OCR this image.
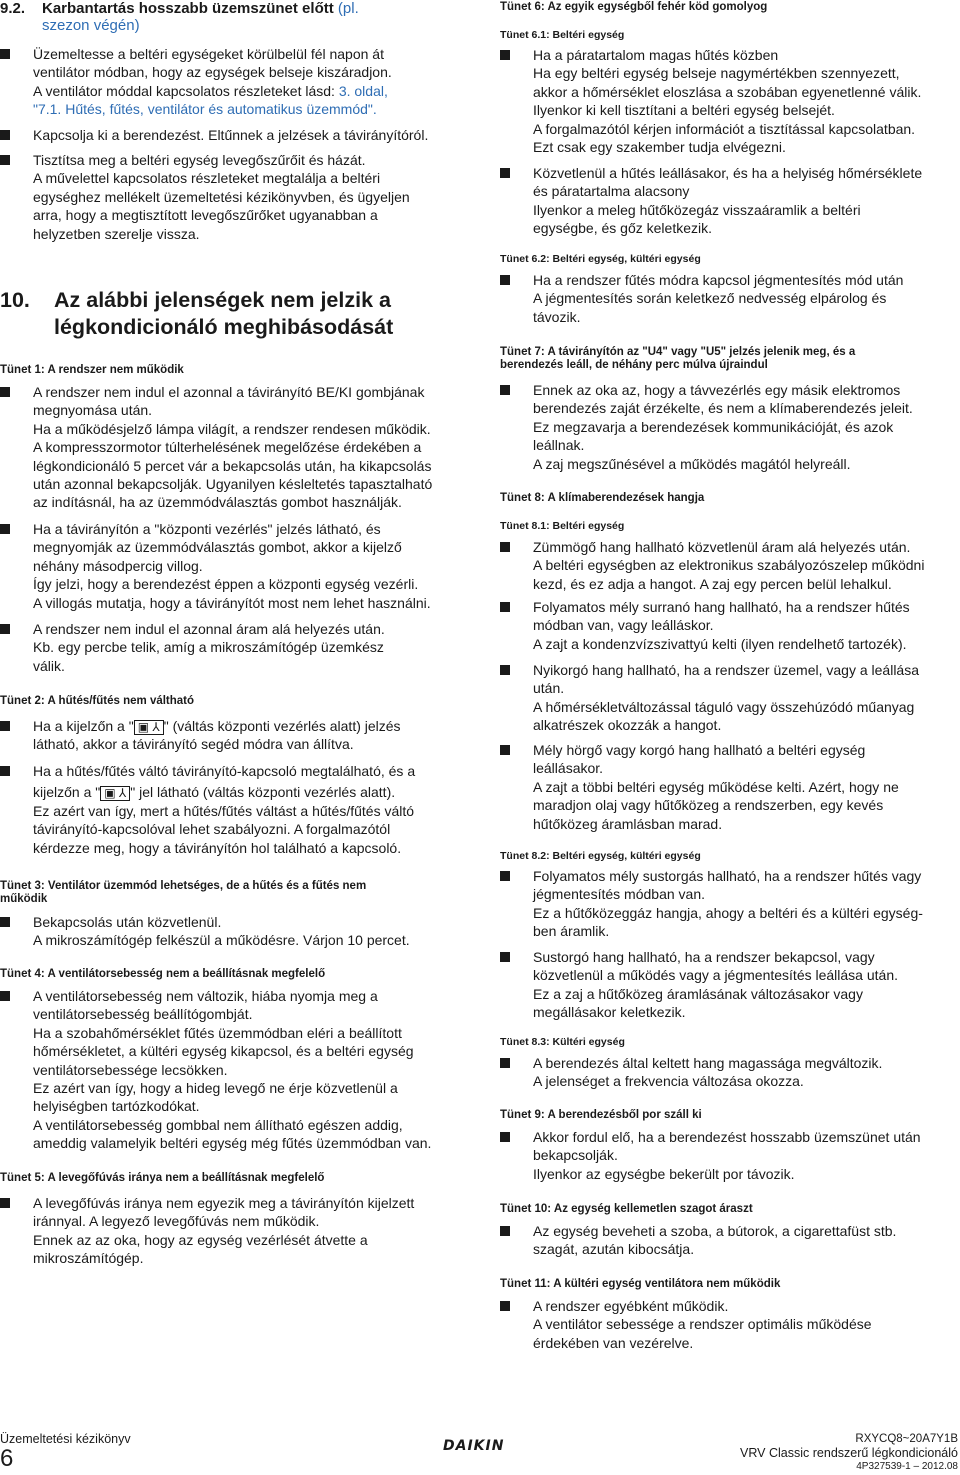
9.2. Karbantartás hosszabb üzemszünet előtt (pl.
szezon végén)

Üzemeltesse a beltéri egységeket körülbelül fél napon át

ventilátor módban, hogy az egységek belseje kiszáradjon.

A ventilátor móddal kapcsolatos részleteket lásd: 3. oldal,

"7.1. Hűtés, fűtés, ventilátor és automatikus üzemmód".

Kapcsolja ki a berendezést. Eltűnnek a jelzések a távirányítóról.

Tisztítsa meg a beltéri egység levegőszűrőit és házát.

A művelettel kapcsolatos részleteket megtalálja a beltéri

egységhez mellékelt üzemeltetési kézikönyvben, és ügyeljen

arra, hogy a megtisztított levegőszűrőket ugyanabban a

helyzetben szerelje vissza.

10. Az alábbi jelenségek nem jelzik a
légkondicionáló meghibásodását
Tünet 1: A rendszer nem működik

A rendszer nem indul el azonnal a távirányító BE/KI gombjának

megnyomása után.

Ha a működésjelző lámpa világít, a rendszer rendesen működik.

A kompresszormotor túlterhelésének megelőzése érdekében a

légkondicionáló 5 percet vár a bekapcsolás után, ha kikapcsolás

után azonnal bekapcsolják. Ugyanilyen késleltetés tapasztalható

az indításnál, ha az üzemmódválasztás gombot használják.

Ha a távirányítón a "központi vezérlés" jelzés látható, és

megnyomják az üzemmódválasztás gombot, akkor a kijelző

néhány másodpercig villog.

Így jelzi, hogy a berendezést éppen a központi egység vezérli.

A villogás mutatja, hogy a távirányítót most nem lehet használni.

A rendszer nem indul el azonnal áram alá helyezés után.

Kb. egy percbe telik, amíg a mikroszámítógép üzemkész

válik.

Tünet 2: A hűtés/fűtés nem váltható

Ha a kijelzőn a " ▣ ⅄ " (váltás központi vezérlés alatt) jelzés

látható, akkor a távirányító segéd módra van állítva.

Ha a hűtés/fűtés váltó távirányító-kapcsoló megtalálható, és a

kijelzőn a " ▣ ⅄ " jel látható (váltás központi vezérlés alatt).

Ez azért van így, mert a hűtés/fűtés váltást a hűtés/fűtés váltó

távirányító-kapcsolóval lehet szabályozni. A forgalmazótól

kérdezze meg, hogy a távirányítón hol található a kapcsoló.

Tünet 3: Ventilátor üzemmód lehetséges, de a hűtés és a fűtés nem
működik

Bekapcsolás után közvetlenül.

A mikroszámítógép felkészül a működésre. Várjon 10 percet.

Tünet 4: A ventilátorsebesség nem a beállításnak megfelelő

A ventilátorsebesség nem változik, hiába nyomja meg a

ventilátorsebesség beállítógombját.

Ha a szobahőmérséklet fűtés üzemmódban eléri a beállított

hőmérsékletet, a kültéri egység kikapcsol, és a beltéri egység

ventilátorsebessége lecsökken.

Ez azért van így, hogy a hideg levegő ne érje közvetlenül a

helyiségben tartózkodókat.

A ventilátorsebesség gombbal nem állítható egészen addig,

ameddig valamelyik beltéri egység még fűtés üzemmódban van.

Tünet 5: A levegőfúvás iránya nem a beállításnak megfelelő

A levegőfúvás iránya nem egyezik meg a távirányítón kijelzett

iránnyal. A legyező levegőfúvás nem működik.

Ennek az az oka, hogy az egység vezérlését átvette a

mikroszámítógép.

Tünet 6: Az egyik egységből fehér köd gomolyog
Tünet 6.1: Beltéri egység

Ha a páratartalom magas hűtés közben

Ha egy beltéri egység belseje nagymértékben szennyezett,

akkor a hőmérséklet eloszlása a szobában egyenetlenné válik.

Ilyenkor ki kell tisztítani a beltéri egység belsejét.

A forgalmazótól kérjen információt a tisztítással kapcsolatban.

Ezt csak egy szakember tudja elvégezni.

Közvetlenül a hűtés leállásakor, és ha a helyiség hőmérséklete

és páratartalma alacsony

Ilyenkor a meleg hűtőközegáz visszaáramlik a beltéri

egységbe, és gőz keletkezik.

Tünet 6.2: Beltéri egység, kültéri egység

Ha a rendszer fűtés módra kapcsol jégmentesítés mód után

A jégmentesítés során keletkező nedvesség elpárolog és

távozik.

Tünet 7: A távirányítón az "U4" vagy "U5" jelzés jelenik meg, és a
berendezés leáll, de néhány perc múlva újraindul

Ennek az oka az, hogy a távvezérlés egy másik elektromos

berendezés zaját érzékelte, és nem a klímaberendezés jeleit.

Ez megzavarja a berendezések kommunikációját, és azok

leállnak.

A zaj megszűnésével a működés magától helyreáll.

Tünet 8: A klímaberendezések hangja
Tünet 8.1: Beltéri egység

Zümmögő hang hallható közvetlenül áram alá helyezés után.

A beltéri egységben az elektronikus szabályozószelep működni

kezd, és ez adja a hangot. A zaj egy percen belül lehalkul.

Folyamatos mély surranó hang hallható, ha a rendszer hűtés

módban van, vagy leálláskor.

A zajt a kondenzvízszivattyú kelti (ilyen rendelhető tartozék).

Nyikorgó hang hallható, ha a rendszer üzemel, vagy a leállása

után.

A hőmérsékletváltozással táguló vagy összehúzódó műanyag

alkatrészek okozzák a hangot.

Mély hörgő vagy korgó hang hallható a beltéri egység

leállásakor.

A zajt a többi beltéri egység működése kelti. Azért, hogy ne

maradjon olaj vagy hűtőközeg a rendszerben, egy kevés

hűtőközeg áramlásban marad.

Tünet 8.2: Beltéri egység, kültéri egység

Folyamatos mély sustorgás hallható, ha a rendszer hűtés vagy

jégmentesítés módban van.

Ez a hűtőközeggáz hangja, ahogy a beltéri és a kültéri egység-

ben áramlik.

Sustorgó hang hallható, ha a rendszer bekapcsol, vagy

közvetlenül a működés vagy a jégmentesítés leállása után.

Ez a zaj a hűtőközeg áramlásának változásakor vagy

megállásakor keletkezik.

Tünet 8.3: Kültéri egység

A berendezés által keltett hang magassága megváltozik.

A jelenséget a frekvencia változása okozza.

Tünet 9: A berendezésből por száll ki

Akkor fordul elő, ha a berendezést hosszabb üzemszünet után

bekapcsolják.

Ilyenkor az egységbe bekerült por távozik.

Tünet 10: Az egység kellemetlen szagot áraszt

Az egység beveheti a szoba, a bútorok, a cigarettafüst stb.

szagát, azután kibocsátja.

Tünet 11: A kültéri egység ventilátora nem működik

A rendszer egyébként működik.

A ventilátor sebessége a rendszer optimális működése

érdekében van vezérelve.

Üzemeltetési kézikönyv
6	DAIKIN	RXYCQ8~20A7Y1B
VRV Classic rendszerű légkondicionáló
4P327539-1 – 2012.08
